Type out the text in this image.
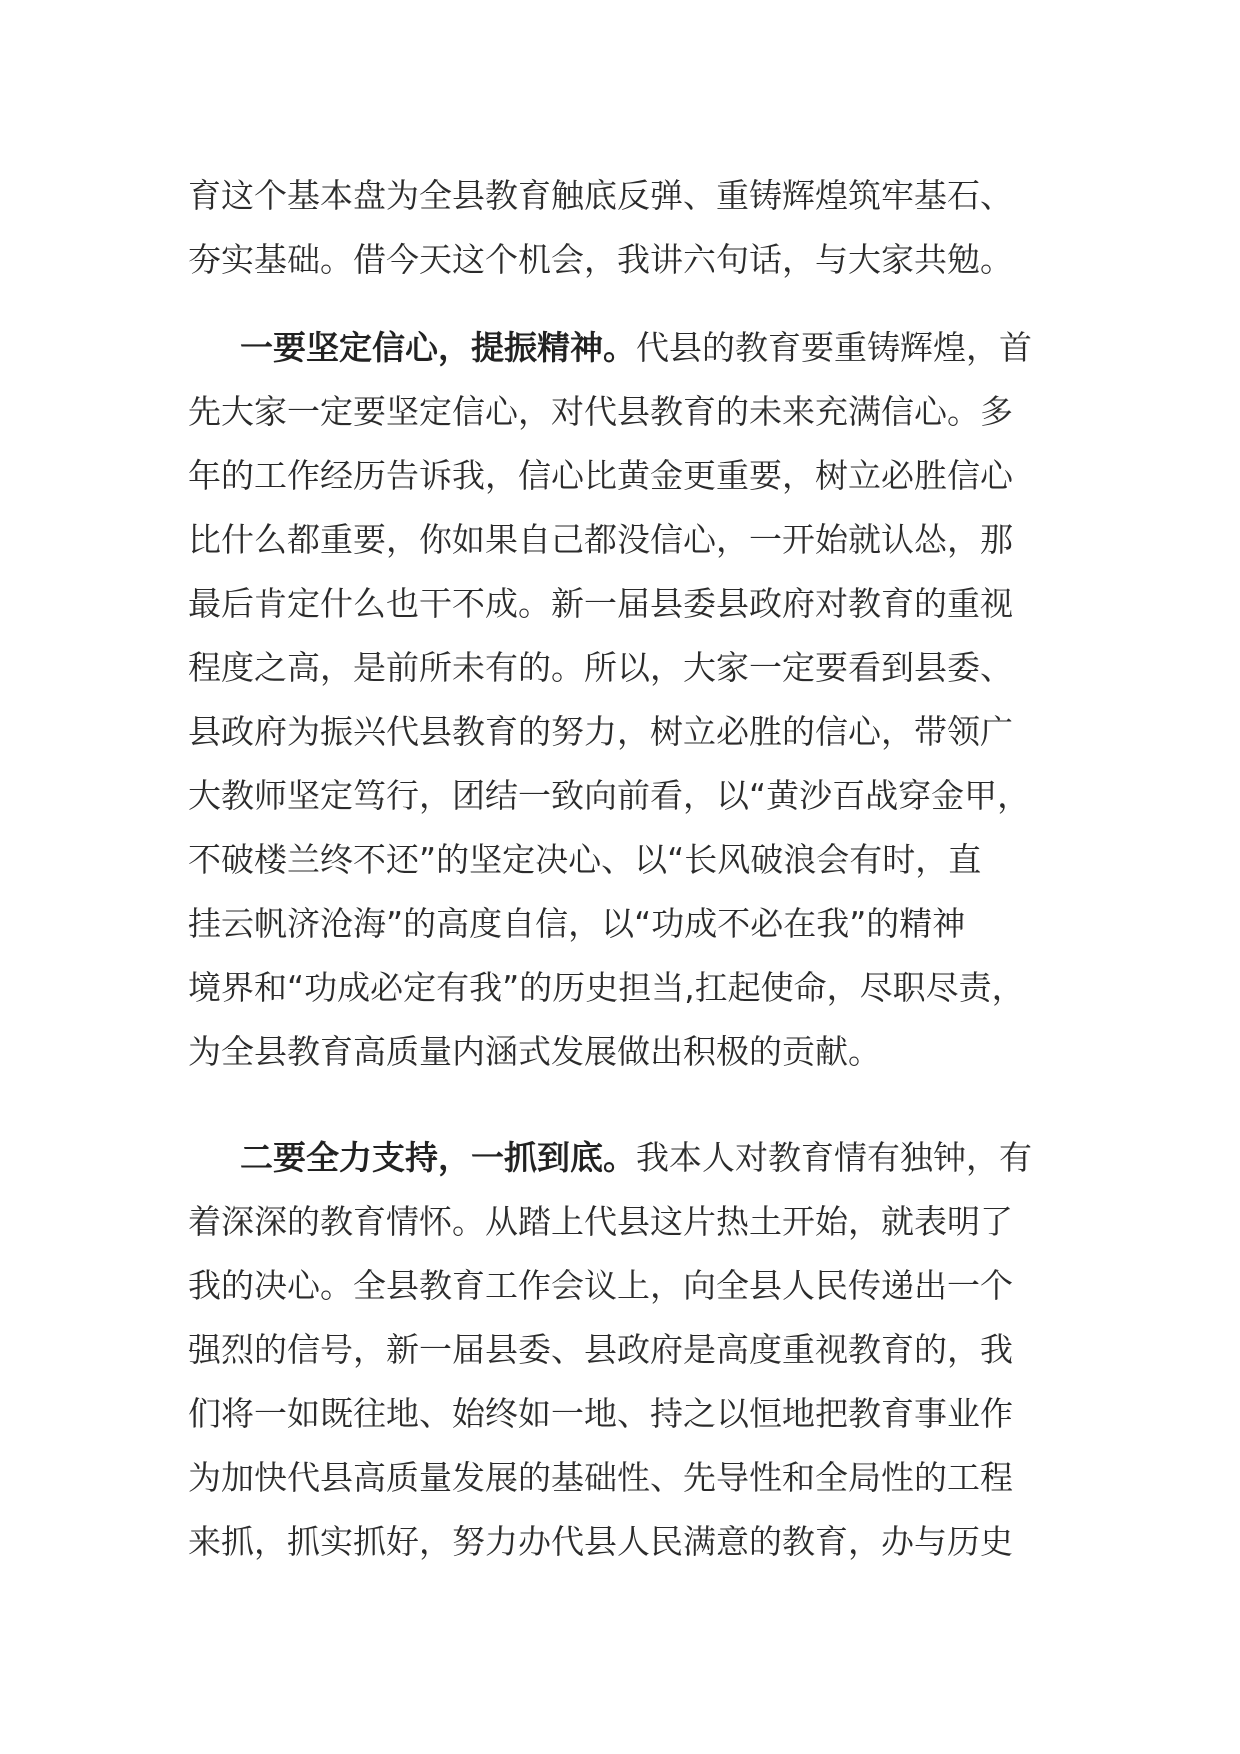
育这个基本盘为全县教育触底反弹、重铸辉煌筑牢基石、
夯实基础。借今天这个机会，我讲六句话，与大家共勉。
一要坚定信心，提振精神。代县的教育要重铸辉煌，首
先大家一定要坚定信心，对代县教育的未来充满信心。多
年的工作经历告诉我，信心比黄金更重要，树立必胜信心
比什么都重要，你如果自己都没信心，一开始就认怂，那
最后肯定什么也干不成。新一届县委县政府对教育的重视
程度之高，是前所未有的。所以，大家一定要看到县委、
县政府为振兴代县教育的努力，树立必胜的信心，带领广
大教师坚定笃行，团结一致向前看，以“黄沙百战穿金甲，
不破楼兰终不还”的坚定决心、以“长风破浪会有时，直
挂云帆济沧海”的高度自信，以“功成不必在我”的精神
境界和“功成必定有我”的历史担当,扛起使命，尽职尽责，
为全县教育高质量内涵式发展做出积极的贡献。
二要全力支持，一抓到底。我本人对教育情有独钟，有
着深深的教育情怀。从踏上代县这片热土开始，就表明了
我的决心。全县教育工作会议上，向全县人民传递出一个
强烈的信号，新一届县委、县政府是高度重视教育的，我
们将一如既往地、始终如一地、持之以恒地把教育事业作
为加快代县高质量发展的基础性、先导性和全局性的工程
来抓，抓实抓好，努力办代县人民满意的教育，办与历史
